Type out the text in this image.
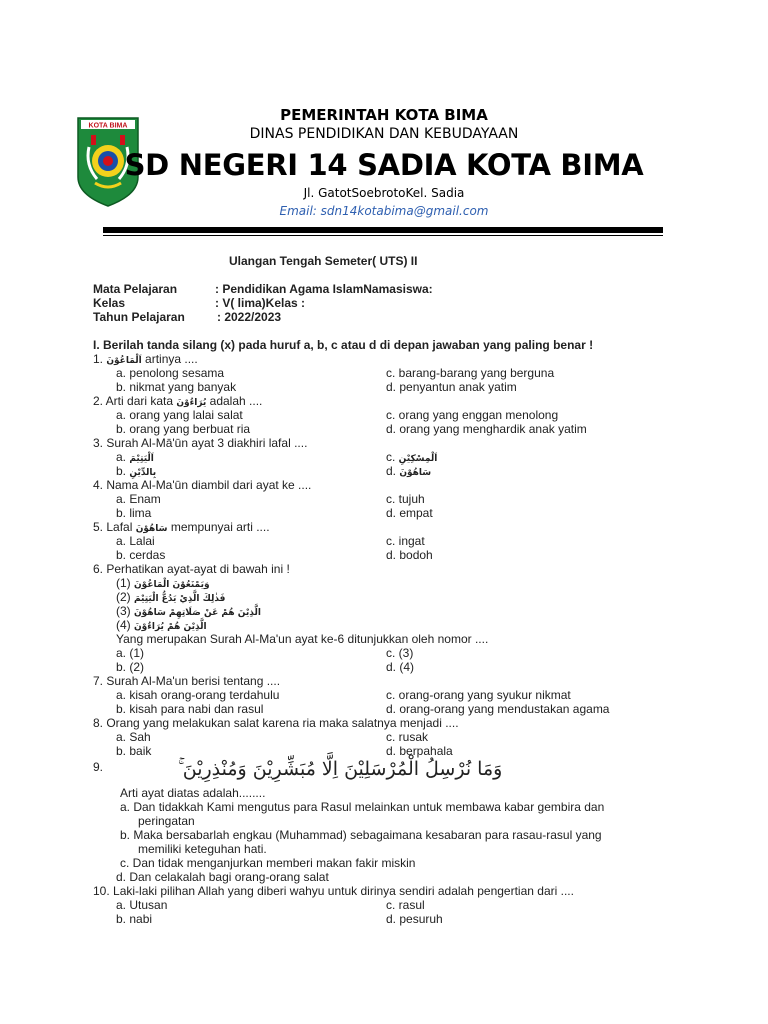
KOTA BIMA
PEMERINTAH KOTA BIMA
DINAS PENDIDIKAN DAN KEBUDAYAAN
SD NEGERI 14 SADIA KOTA BIMA
Jl. GatotSoebrotoKel. Sadia
Email: sdn14kotabima@gmail.com
Ulangan Tengah Semeter( UTS) II
Mata Pelajaran	: Pendidikan Agama IslamNamasiswa:
Kelas	: V( lima)Kelas :
Tahun Pelajaran	: 2022/2023
I. Berilah tanda silang (x) pada huruf a, b, c atau d di depan jawaban yang paling benar !
1. اَلْمَاعُوْنَ artinya ....
a. penolong sesama	c. barang-barang yang berguna
b. nikmat yang banyak	d. penyantun anak yatim
2. Arti dari kata يُرَاءُوْنَ adalah ....
a. orang yang lalai salat	c. orang yang enggan menolong
b. orang yang berbuat ria	d. orang yang menghardik anak yatim
3. Surah Al-Mā'ūn ayat 3 diakhiri lafal ....
a. اَلْيَتِيْمَ	c. اَلْمِسْكِيْنِ
b. بِالدِّيْنِ	d. سَاهُوْنَ
4. Nama Al-Ma'ūn diambil dari ayat ke ....
a. Enam	c. tujuh
b. lima	d. empat
5. Lafal سَاهُوْنَ mempunyai arti ....
a. Lalai	c. ingat
b. cerdas	d. bodoh
6. Perhatikan ayat-ayat di bawah ini !
(1) وَيَمْنَعُوْنَ الْمَاعُوْنَ
(2) فَذٰلِكَ الَّذِيْ يَدُعُّ الْيَتِيْمَ
(3) الَّذِيْنَ هُمْ عَنْ صَلَاتِهِمْ سَاهُوْنَ
(4) الَّذِيْنَ هُمْ يُرَاءُوْنَ
Yang merupakan Surah Al-Ma'un ayat ke-6 ditunjukkan oleh nomor ....
a. (1)	c. (3)
b. (2)	d. (4)
7. Surah Al-Ma'un berisi tentang ....
a. kisah orang-orang terdahulu	c. orang-orang yang syukur nikmat
b. kisah para nabi dan rasul	d. orang-orang yang mendustakan agama
8. Orang yang melakukan salat karena ria maka salatnya menjadi ....
a. Sah	c. rusak
b. baik	d. berpahala
9.	وَمَا نُرْسِلُ الْمُرْسَلِيْنَ اِلَّا مُبَشِّرِيْنَ وَمُنْذِرِيْنَ ۚ
Arti ayat diatas adalah........
a. Dan tidakkah Kami mengutus para Rasul melainkan untuk membawa kabar gembira dan
peringatan
b. Maka bersabarlah engkau (Muhammad) sebagaimana kesabaran para rasau-rasul yang
memiliki keteguhan hati.
c. Dan tidak menganjurkan memberi makan fakir miskin
d. Dan celakalah bagi orang-orang salat
10. Laki-laki pilihan Allah yang diberi wahyu untuk dirinya sendiri adalah pengertian dari ....
a. Utusan	c. rasul
b. nabi	d. pesuruh
